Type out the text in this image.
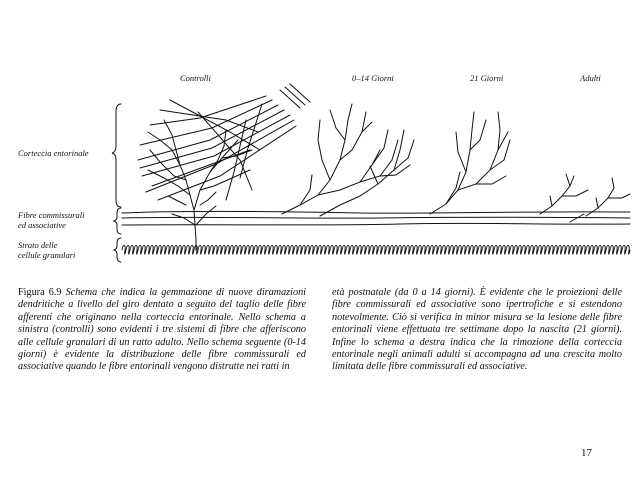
Controlli	0–14 Giorni	21 Giorni	Adulti
Corteccia entorinale
Fibre commissurali
ed associative
Strato delle
cellule granulari
Figura 6.9 Schema che indica la gemmazione di nuove diramazioni dendritiche a livello del giro dentato a seguito del taglio delle fibre afferenti che originano nella corteccia entorinale. Nello schema a sinistra (controlli) sono evidenti i tre sistemi di fibre che afferiscono alle cellule granulari di un ratto adulto. Nello schema seguente (0-14 giorni) è evidente la distribuzione delle fibre commissurali ed associative quando le fibre entorinali vengono distrutte nei ratti in
età postnatale (da 0 a 14 giorni). È evidente che le proiezioni delle fibre commissurali ed associative sono ipertrofiche e si estendono notevolmente. Ciò si verifica in minor misura se la lesione delle fibre entorinali viene effettuata tre settimane dopo la nascita (21 giorni). Infine lo schema a destra indica che la rimozione della corteccia entorinale negli animali adulti si accompagna ad una crescita molto limitata delle fibre commissurali ed associative.
17
